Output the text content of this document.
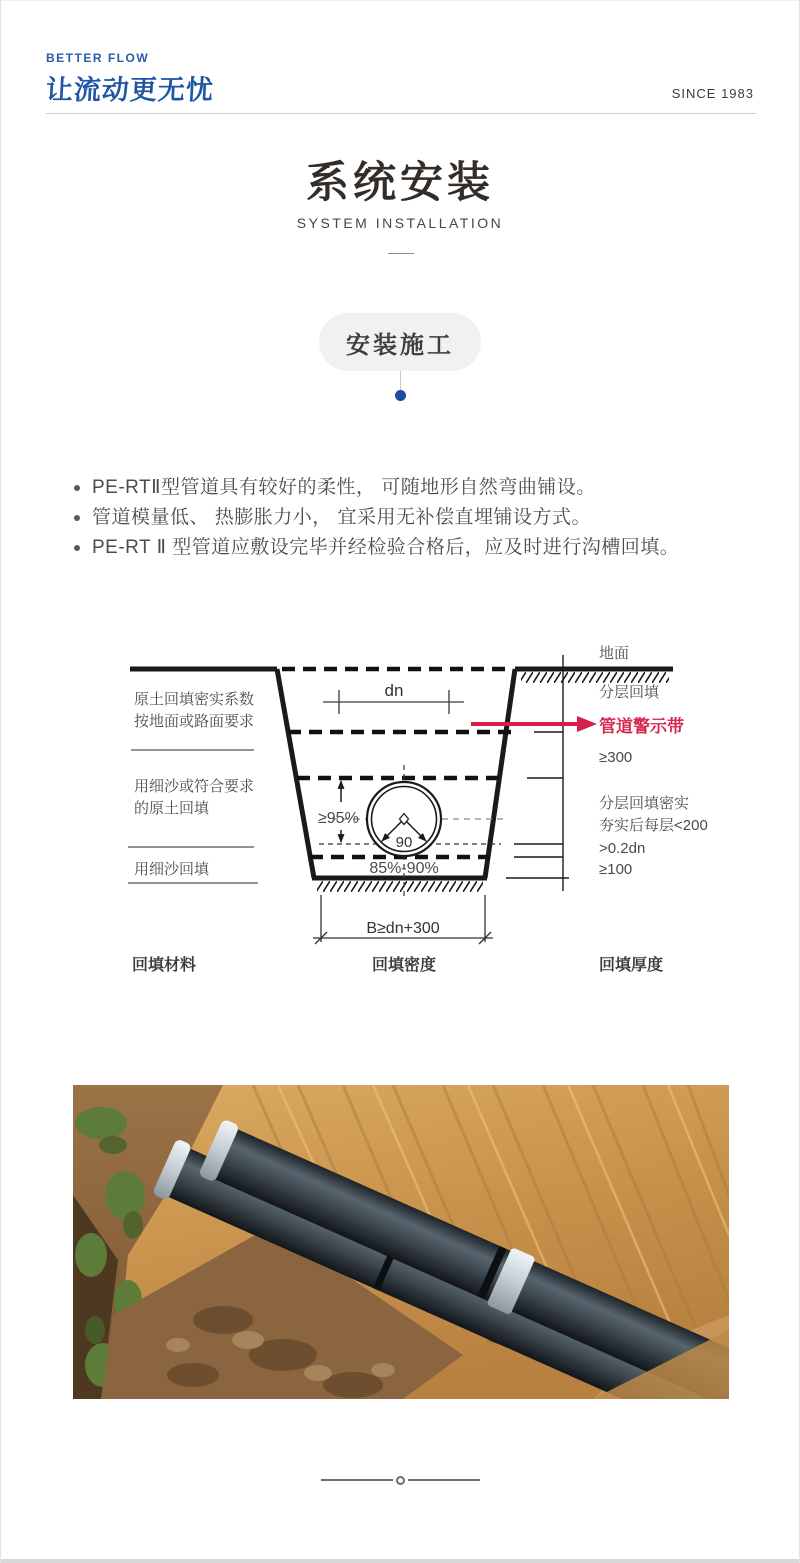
BETTER FLOW
让流动更无忧	SINCE 1983
系统安装
SYSTEM INSTALLATION
安装施工
PE-RTⅡ型管道具有较好的柔性， 可随地形自然弯曲铺设。
管道模量低、 热膨胀力小， 宜采用无补偿直埋铺设方式。
PE-RT Ⅱ 型管道应敷设完毕并经检验合格后，应及时进行沟槽回填。
dn
90
≥95%
85%-90%
B≥dn+300
原土回填密实系数
按地面或路面要求
用细沙或符合要求
的原土回填
用细沙回填
地面
分层回填
管道警示带
≥300
分层回填密实
夯实后每层<200
>0.2dn
≥100
回填材料	回填密度	回填厚度
